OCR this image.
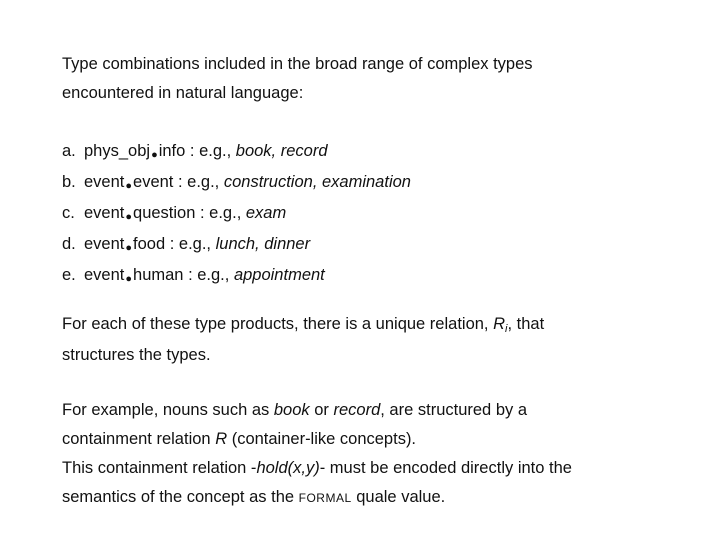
Type combinations included in the broad range of complex types
encountered in natural language:
a. phys_obj●info : e.g., book, record
b. event●event : e.g., construction, examination
c. event●question : e.g., exam
d. event●food : e.g., lunch, dinner
e. event●human : e.g., appointment
For each of these type products, there is a unique relation, Ri, that
structures the types.
For example, nouns such as book or record, are structured by a
containment relation R (container-like concepts).
This containment relation -hold(x,y)- must be encoded directly into the
semantics of the concept as the FORMAL quale value.
